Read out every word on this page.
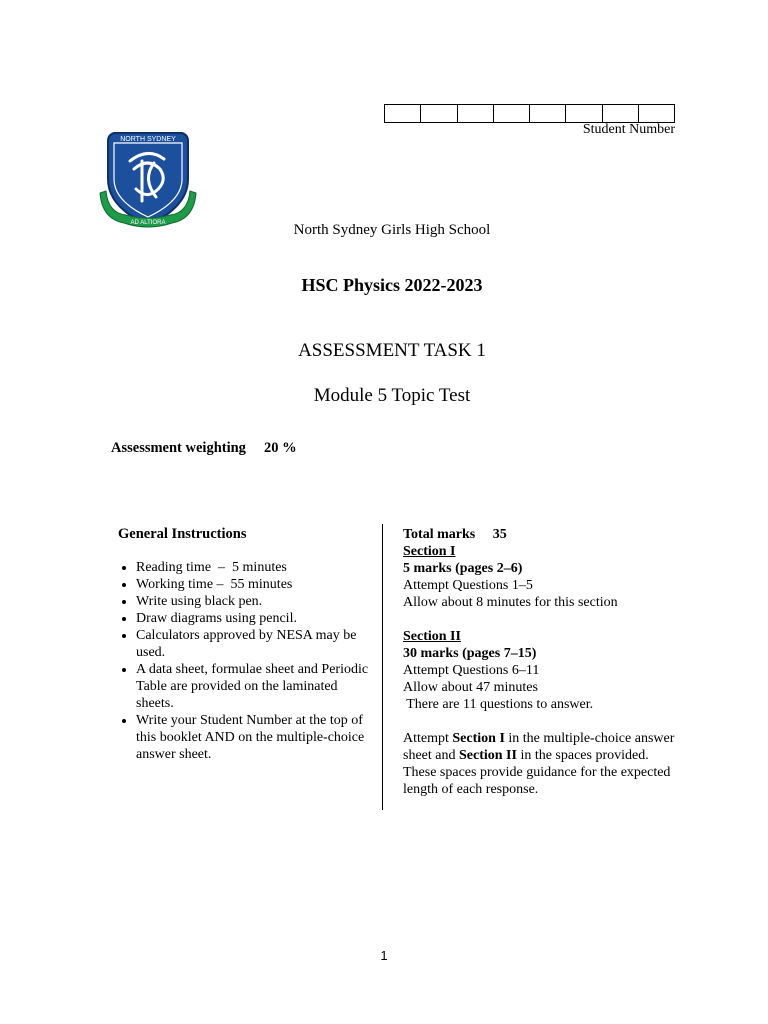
Student Number
NORTH SYDNEY
AD ALTIORA	North Sydney Girls High School
HSC Physics 2022-2023
ASSESSMENT TASK 1
Module 5 Topic Test
Assessment weighting 20 %
General Instructions
• Reading time  –  5 minutes
• Working time –  55 minutes
• Write using black pen.
• Draw diagrams using pencil.
• Calculators approved by NESA may be used.
• A data sheet, formulae sheet and Periodic Table are provided on the laminated sheets.
• Write your Student Number at the top of this booklet AND on the multiple-choice answer sheet.

Total marks 35

Section I

5 marks (pages 2–6)

Attempt Questions 1–5

Allow about 8 minutes for this section

Section II

30 marks (pages 7–15)

Attempt Questions 6–11

Allow about 47 minutes

There are 11 questions to answer.

Attempt Section I in the multiple-choice answer sheet and Section II in the spaces provided. These spaces provide guidance for the expected length of each response.

1
